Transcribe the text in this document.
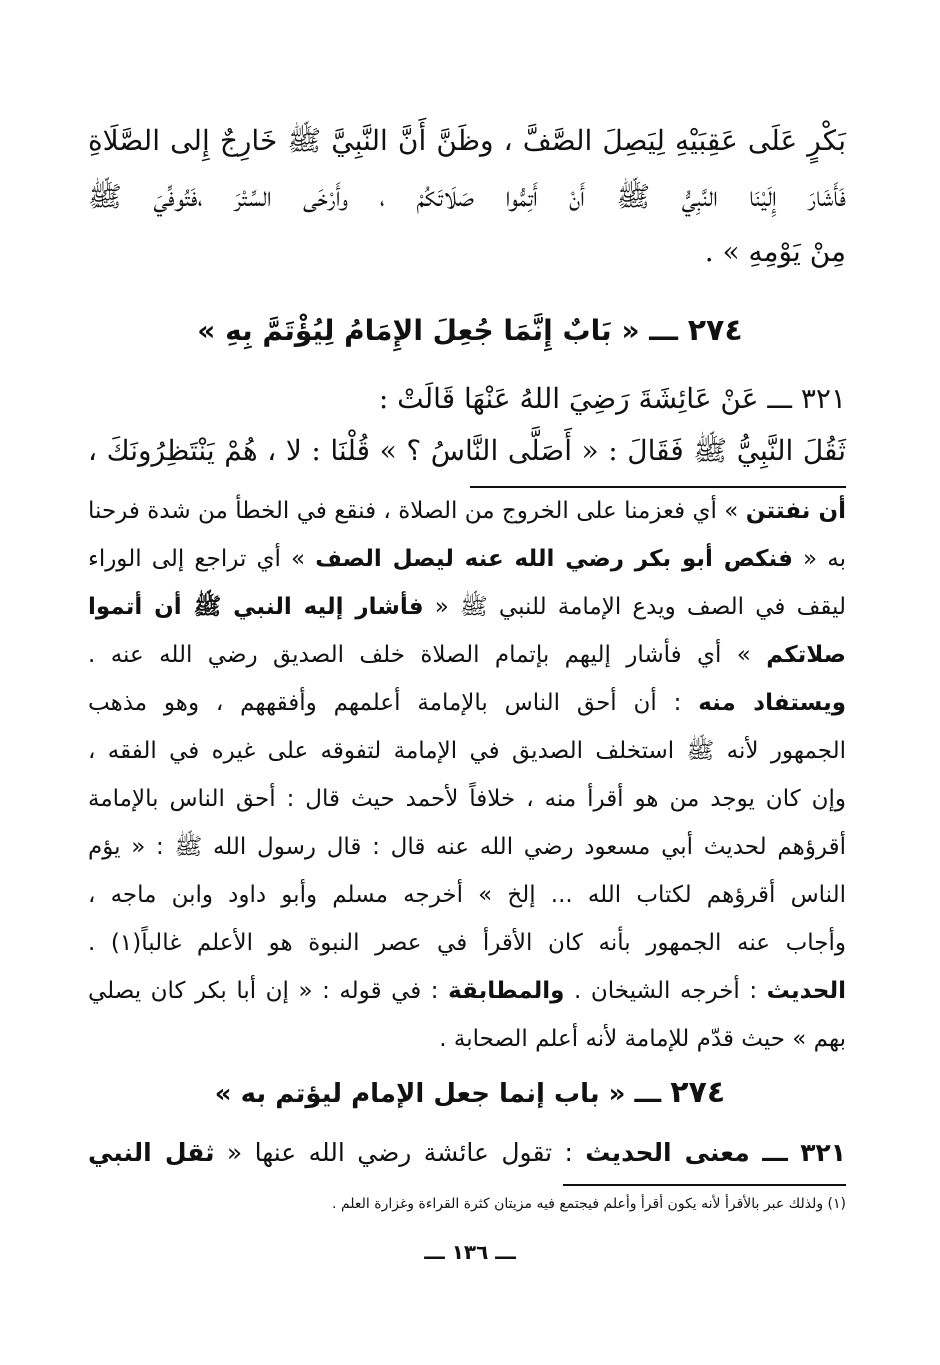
بَكْرٍ عَلَى عَقِبَيْهِ لِيَصِلَ الصَّفَّ ، وظَنَّ أَنَّ النَّبِيَّ ﷺ خَارِجٌ إِلى الصَّلَاةِ
فَأَشَارَ إِلَيْنَا النَّبِيُّ ﷺ أَنْ أَتِمُّوا صَلَاتَكُمْ ، وأَرْخَى السِّتْرَ ،فَتُوفِّيَ ﷺ
مِنْ يَوْمِهِ » .
٢٧٤ ـــ « بَابٌ إِنَّمَا جُعِلَ الإِمَامُ لِيُؤْتَمَّ بِهِ »
٣٢١ ـــ عَنْ عَائِشَةَ رَضِيَ اللهُ عَنْهَا قَالَتْ :
ثَقُلَ النَّبِيُّ ﷺ فَقَالَ : « أَصَلَّى النَّاسُ ؟ » قُلْنَا : لا ، هُمْ يَنْتَظِرُونَكَ ،
أن نفتتن » أي فعزمنا على الخروج من الصلاة ، فنقع في الخطأ من شدة فرحنا
به « فنكص أبو بكر رضي الله عنه ليصل الصف » أي تراجع إلى الوراء
ليقف في الصف ويدع الإمامة للنبي ﷺ « فأشار إليه النبي ﷺ أن أتموا
صلاتكم » أي فأشار إليهم بإتمام الصلاة خلف الصديق رضي الله عنه .
ويستفاد منه : أن أحق الناس بالإمامة أعلمهم وأفقههم ، وهو مذهب
الجمهور لأنه ﷺ استخلف الصديق في الإمامة لتفوقه على غيره في الفقه ،
وإن كان يوجد من هو أقرأ منه ، خلافاً لأحمد حيث قال : أحق الناس بالإمامة
أقرؤهم لحديث أبي مسعود رضي الله عنه قال : قال رسول الله ﷺ : « يؤم
الناس أقرؤهم لكتاب الله ... إلخ » أخرجه مسلم وأبو داود وابن ماجه ،
وأجاب عنه الجمهور بأنه كان الأقرأ في عصر النبوة هو الأعلم غالباً(١) .
الحديث : أخرجه الشيخان . والمطابقة : في قوله : « إن أبا بكر كان يصلي
بهم » حيث قدّم للإمامة لأنه أعلم الصحابة .
٢٧٤ ـــ « باب إنما جعل الإمام ليؤتم به »
٣٢١ ـــ معنى الحديث : تقول عائشة رضي الله عنها « ثقل النبي
(١) ولذلك عبر بالأقرأ لأنه يكون أقرأ وأعلم فيجتمع فيه مزيتان كثرة القراءة وغزارة العلم .
ـــ ١٣٦ ـــ
